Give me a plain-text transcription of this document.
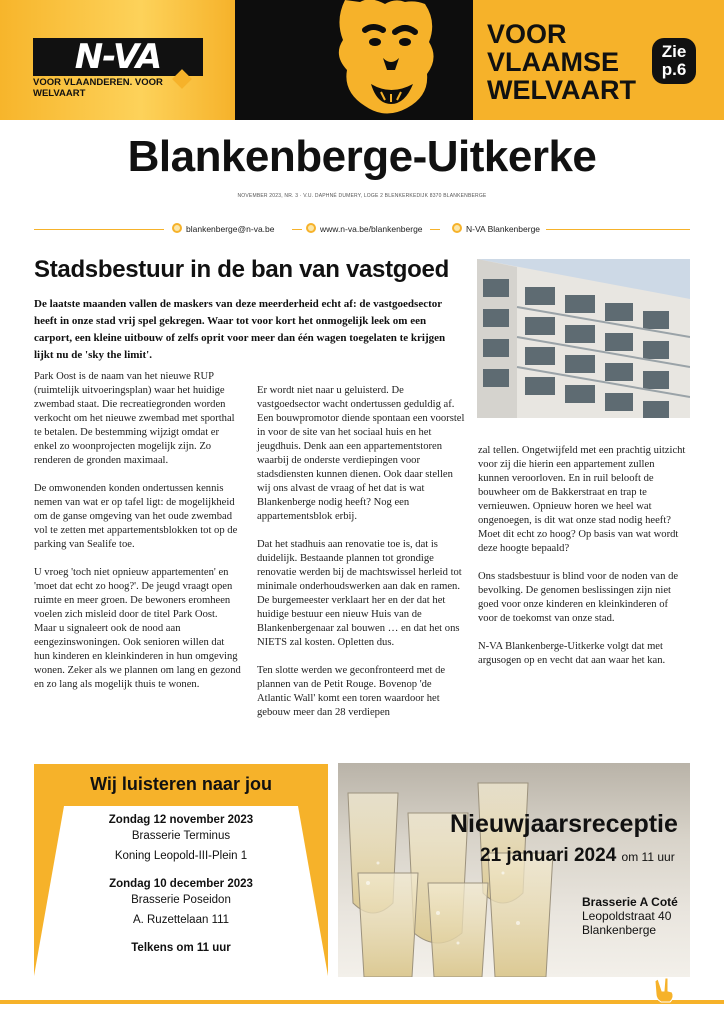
N-VA
VOOR VLAANDEREN. VOOR WELVAART
VOOR
VLAAMSE
WELVAART
Zie
p.6
Blankenberge-Uitkerke
NOVEMBER 2023, NR. 3 · V.U. DAPHNÉ DUMERY, LOGE 2 BLENKERKEDIJK 8370 BLANKENBERGE
blankenberge@n-va.be	www.n-va.be/blankenberge	N-VA Blankenberge
Stadsbestuur in de ban van vastgoed
De laatste maanden vallen de maskers van deze meerderheid echt af: de vastgoedsector heeft in onze stad vrij spel gekregen. Waar tot voor kort het onmogelijk leek om een carport, een kleine uitbouw of zelfs oprit voor meer dan één wagen toegelaten te krijgen lijkt nu de 'sky the limit'.

Park Oost is de naam van het nieuwe RUP (ruimtelijk uitvoeringsplan) waar het huidige zwembad staat. Die recreatiegronden worden verkocht om het nieuwe zwembad met sporthal te betalen. De bestemming wijzigt omdat er enkel zo woonprojecten mogelijk zijn. Zo renderen de gronden maximaal.

De omwonenden konden ondertussen kennis nemen van wat er op tafel ligt: de mogelijkheid om de ganse omgeving van het oude zwembad vol te zetten met appartementsblokken tot op de parking van Sealife toe.

U vroeg 'toch niet opnieuw appartementen' en 'moet dat echt zo hoog?'. De jeugd vraagt open ruimte en meer groen. De bewoners eromheen voelen zich misleid door de titel Park Oost. Maar u signaleert ook de nood aan eengezinswoningen. Ook senioren willen dat hun kinderen en kleinkinderen in hun omgeving wonen. Zeker als we plannen om lang en gezond en zo lang als mogelijk thuis te wonen.

Er wordt niet naar u geluisterd. De vastgoedsector wacht ondertussen geduldig af. Een bouwpromotor diende spontaan een voorstel in voor de site van het sociaal huis en het jeugdhuis. Denk aan een appartementstoren waarbij de onderste verdiepingen voor stadsdiensten kunnen dienen. Ook daar stellen wij ons alvast de vraag of het dat is wat Blankenberge nodig heeft? Nog een appartementsblok erbij.

Dat het stadhuis aan renovatie toe is, dat is duidelijk. Bestaande plannen tot grondige renovatie werden bij de machtswissel herleid tot minimale onderhoudswerken aan dak en ramen. De burgemeester verklaart her en der dat het huidige bestuur een nieuw Huis van de Blankenbergenaar zal bouwen … en dat het ons NIETS zal kosten. Opletten dus.

Ten slotte werden we geconfronteerd met de plannen van de Petit Rouge. Bovenop 'de Atlantic Wall' komt een toren waardoor het gebouw meer dan 28 verdiepen

zal tellen. Ongetwijfeld met een prachtig uitzicht voor zij die hierin een appartement zullen kunnen veroorloven. En in ruil belooft de bouwheer om de Bakkerstraat en trap te vernieuwen. Opnieuw horen we heel wat ongenoegen, is dit wat onze stad nodig heeft? Moet dit echt zo hoog? Op basis van wat wordt deze hoogte bepaald?

Ons stadsbestuur is blind voor de noden van de bevolking. De genomen beslissingen zijn niet goed voor onze kinderen en kleinkinderen of voor de toekomst van onze stad.

N-VA Blankenberge-Uitkerke volgt dat met argusogen op en vecht dat aan waar het kan.

Wij luisteren naar jou
Zondag 12 november 2023
Brasserie Terminus
Koning Leopold-III-Plein 1
Zondag 10 december 2023
Brasserie Poseidon
A. Ruzettelaan 111
Telkens om 11 uur
Nieuwjaarsreceptie
21 januari 2024 om 11 uur
Brasserie A Coté
Leopoldstraat 40
Blankenberge
